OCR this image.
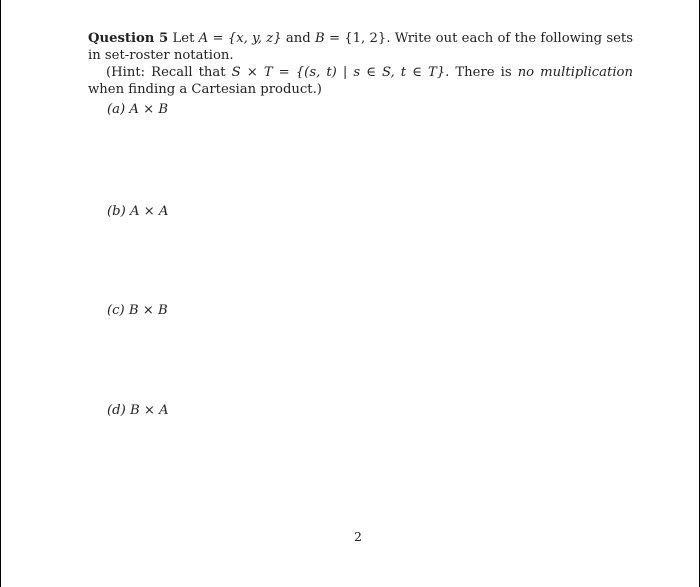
Question 5 Let A = {x, y, z} and B = {1, 2}. Write out each of the following sets in set-roster notation.

(Hint: Recall that S × T = {(s, t) | s ∈ S, t ∈ T}. There is no multiplication when finding a Cartesian product.)

(a) A × B
(b) A × A
(c) B × B
(d) B × A
2
